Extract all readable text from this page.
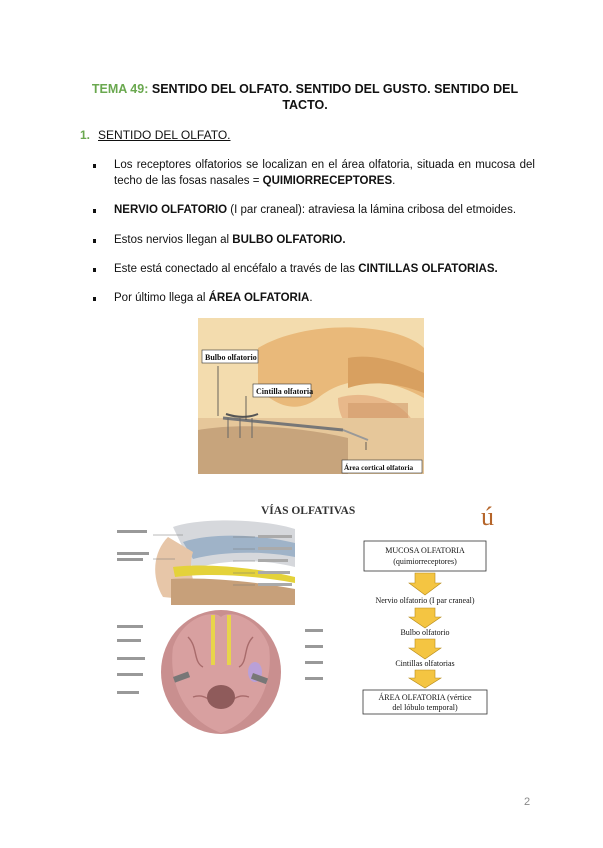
TEMA 49: SENTIDO DEL OLFATO. SENTIDO DEL GUSTO. SENTIDO DEL TACTO.
1. SENTIDO DEL OLFATO.
Los receptores olfatorios se localizan en el área olfatoria, situada en mucosa del techo de las fosas nasales = QUIMIORRECEPTORES.
NERVIO OLFATORIO (I par craneal): atraviesa la lámina cribosa del etmoides.
Estos nervios llegan al BULBO OLFATORIO.
Este está conectado al encéfalo a través de las CINTILLAS OLFATORIAS.
Por último llega al ÁREA OLFATORIA.
Bulbo olfatorio
Cintilla olfatoria
Área cortical olfatoria
VÍAS OLFATIVAS	ú
MUCOSA OLFATORIA
(quimiorreceptores)
Nervio olfatorio (I par craneal)
Bulbo olfatorio
Cintillas olfatorias
ÁREA OLFATORIA (vértice
del lóbulo temporal)
2
